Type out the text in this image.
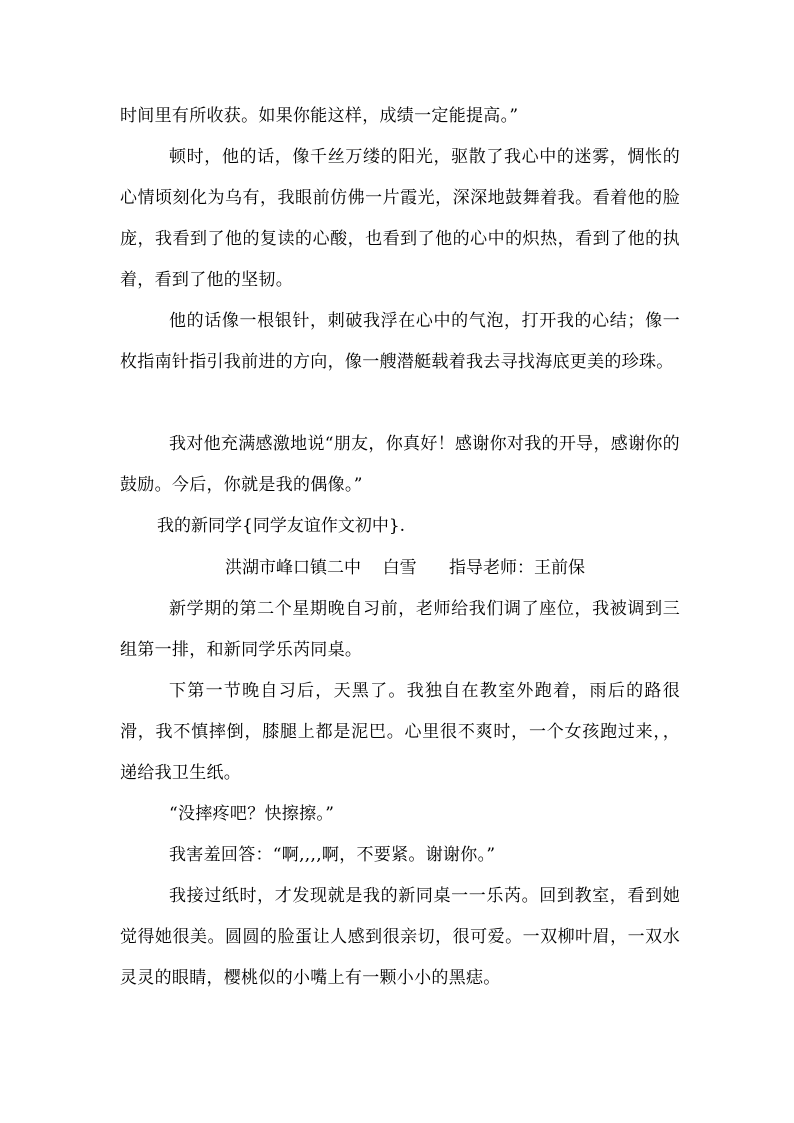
时间里有所收获。如果你能这样，成绩一定能提高。”

顿时，他的话，像千丝万缕的阳光，驱散了我心中的迷雾，惆怅的心情顷刻化为乌有，我眼前仿佛一片霞光，深深地鼓舞着我。看着他的脸庞，我看到了他的复读的心酸，也看到了他的心中的炽热，看到了他的执着，看到了他的坚韧。

他的话像一根银针，刺破我浮在心中的气泡，打开我的心结；像一枚指南针指引我前进的方向，像一艘潜艇载着我去寻找海底更美的珍珠。

我对他充满感激地说“朋友，你真好！感谢你对我的开导，感谢你的鼓励。今后，你就是我的偶像。”

我的新同学{同学友谊作文初中}.

洪湖市峰口镇二中    白雪      指导老师：王前保

新学期的第二个星期晚自习前，老师给我们调了座位，我被调到三组第一排，和新同学乐芮同桌。

下第一节晚自习后，天黑了。我独自在教室外跑着，雨后的路很滑，我不慎摔倒，膝腿上都是泥巴。心里很不爽时，一个女孩跑过来，，递给我卫生纸。

“没摔疼吧？快擦擦。”

我害羞回答：“啊,,,,啊，不要紧。谢谢你。”

我接过纸时，才发现就是我的新同桌一一乐芮。回到教室，看到她觉得她很美。圆圆的脸蛋让人感到很亲切，很可爱。一双柳叶眉，一双水灵灵的眼睛，樱桃似的小嘴上有一颗小小的黑痣。
